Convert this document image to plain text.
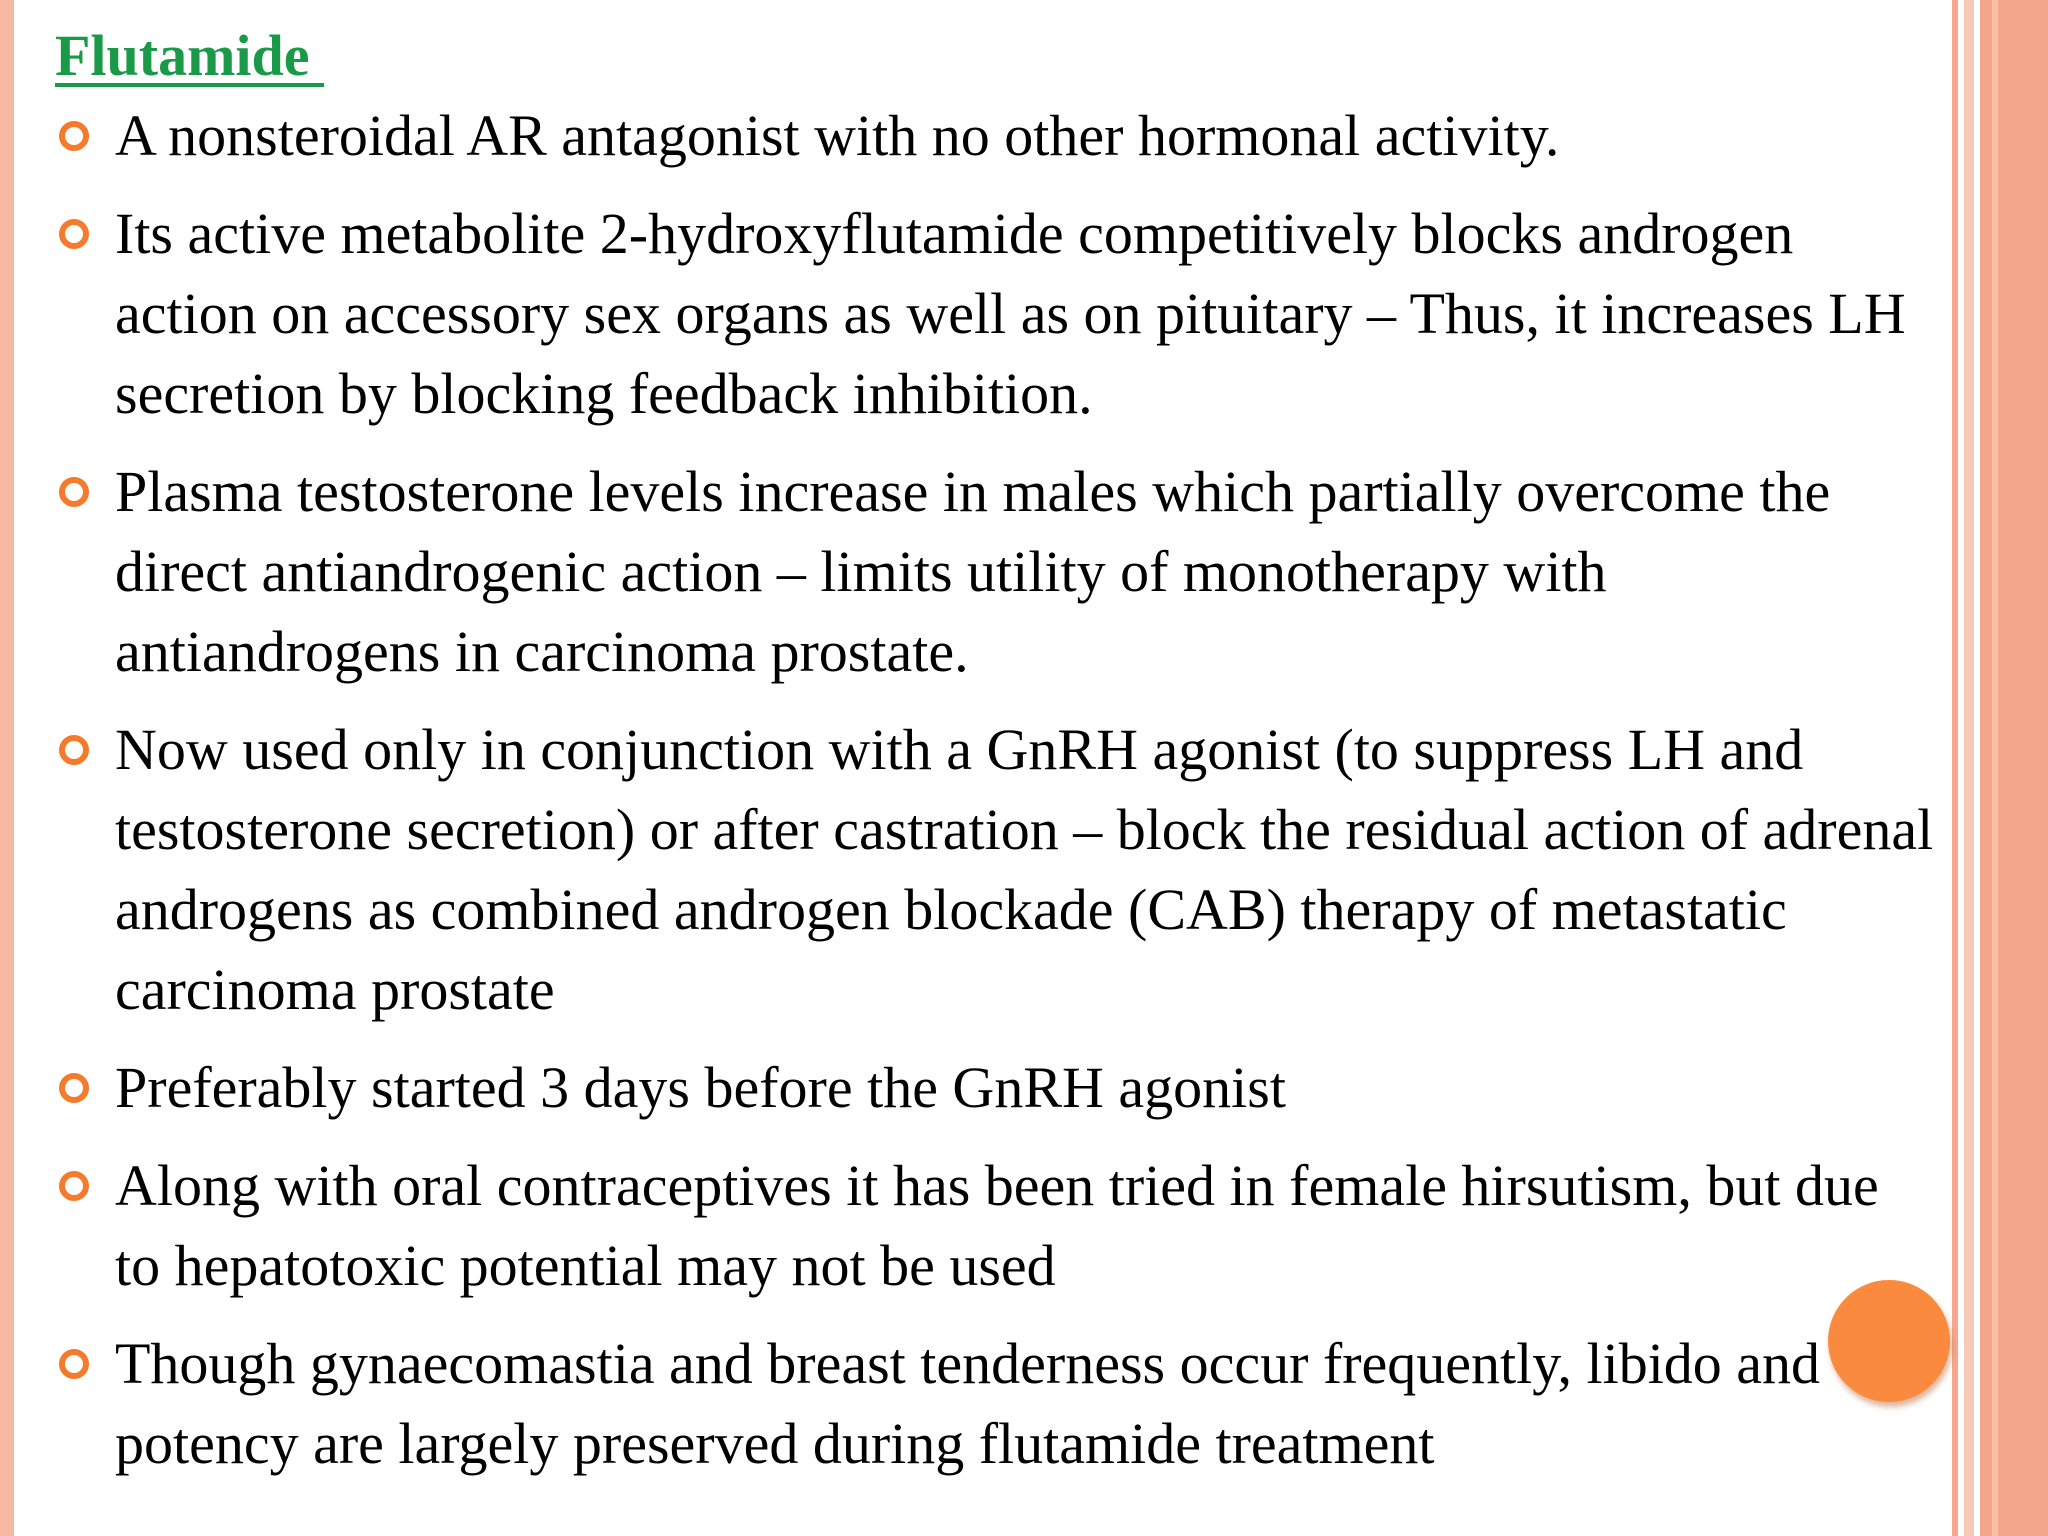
Flutamide
A nonsteroidal AR antagonist with no other hormonal activity.
Its active metabolite 2-hydroxyflutamide competitively blocks androgen action on accessory sex organs as well as on pituitary – Thus, it increases LH secretion by blocking feedback inhibition.
Plasma testosterone levels increase in males which partially overcome the direct antiandrogenic action – limits utility of monotherapy with antiandrogens in carcinoma prostate.
Now used only in conjunction with a GnRH agonist (to suppress LH and testosterone secretion) or after castration – block the residual action of adrenal androgens as combined androgen blockade (CAB) therapy of metastatic carcinoma prostate
Preferably started 3 days before the GnRH agonist
Along with oral contraceptives it has been tried in female hirsutism, but due to hepatotoxic potential may not be used
Though gynaecomastia and breast tenderness occur frequently, libido and potency are largely preserved during flutamide treatment
